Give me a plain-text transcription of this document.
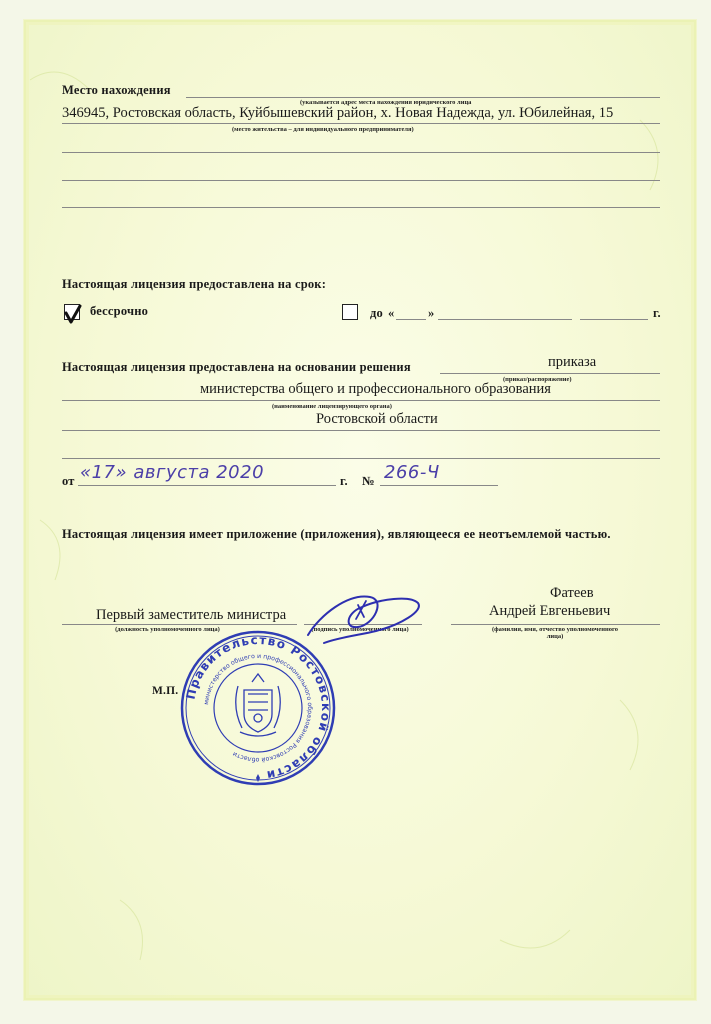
Место нахождения
(указывается адрес места нахождения юридического лица
346945, Ростовская область, Куйбышевский район, х. Новая Надежда, ул. Юбилейная, 15
(место жительства – для индивидуального предпринимателя)
Настоящая лицензия предоставлена на срок:
бессрочно	до «	»	г.
Настоящая лицензия предоставлена на основании решения	приказа
(приказ/распоряжение)
министерства общего и профессионального образования
(наименование лицензирующего органа)
Ростовской области
от «17» августа 2020	г. № 266-Ч
Настоящая лицензия имеет приложение (приложения), являющееся ее неотъемлемой частью.
Фатеев
Первый заместитель министра	Андрей Евгеньевич
(должность уполномоченного лица)	(подпись уполномоченного лица)	(фамилия, имя, отчество уполномоченного лица)
М.П. Правительство Ростовской области
министерство общего и профессионального образования Ростовской области
